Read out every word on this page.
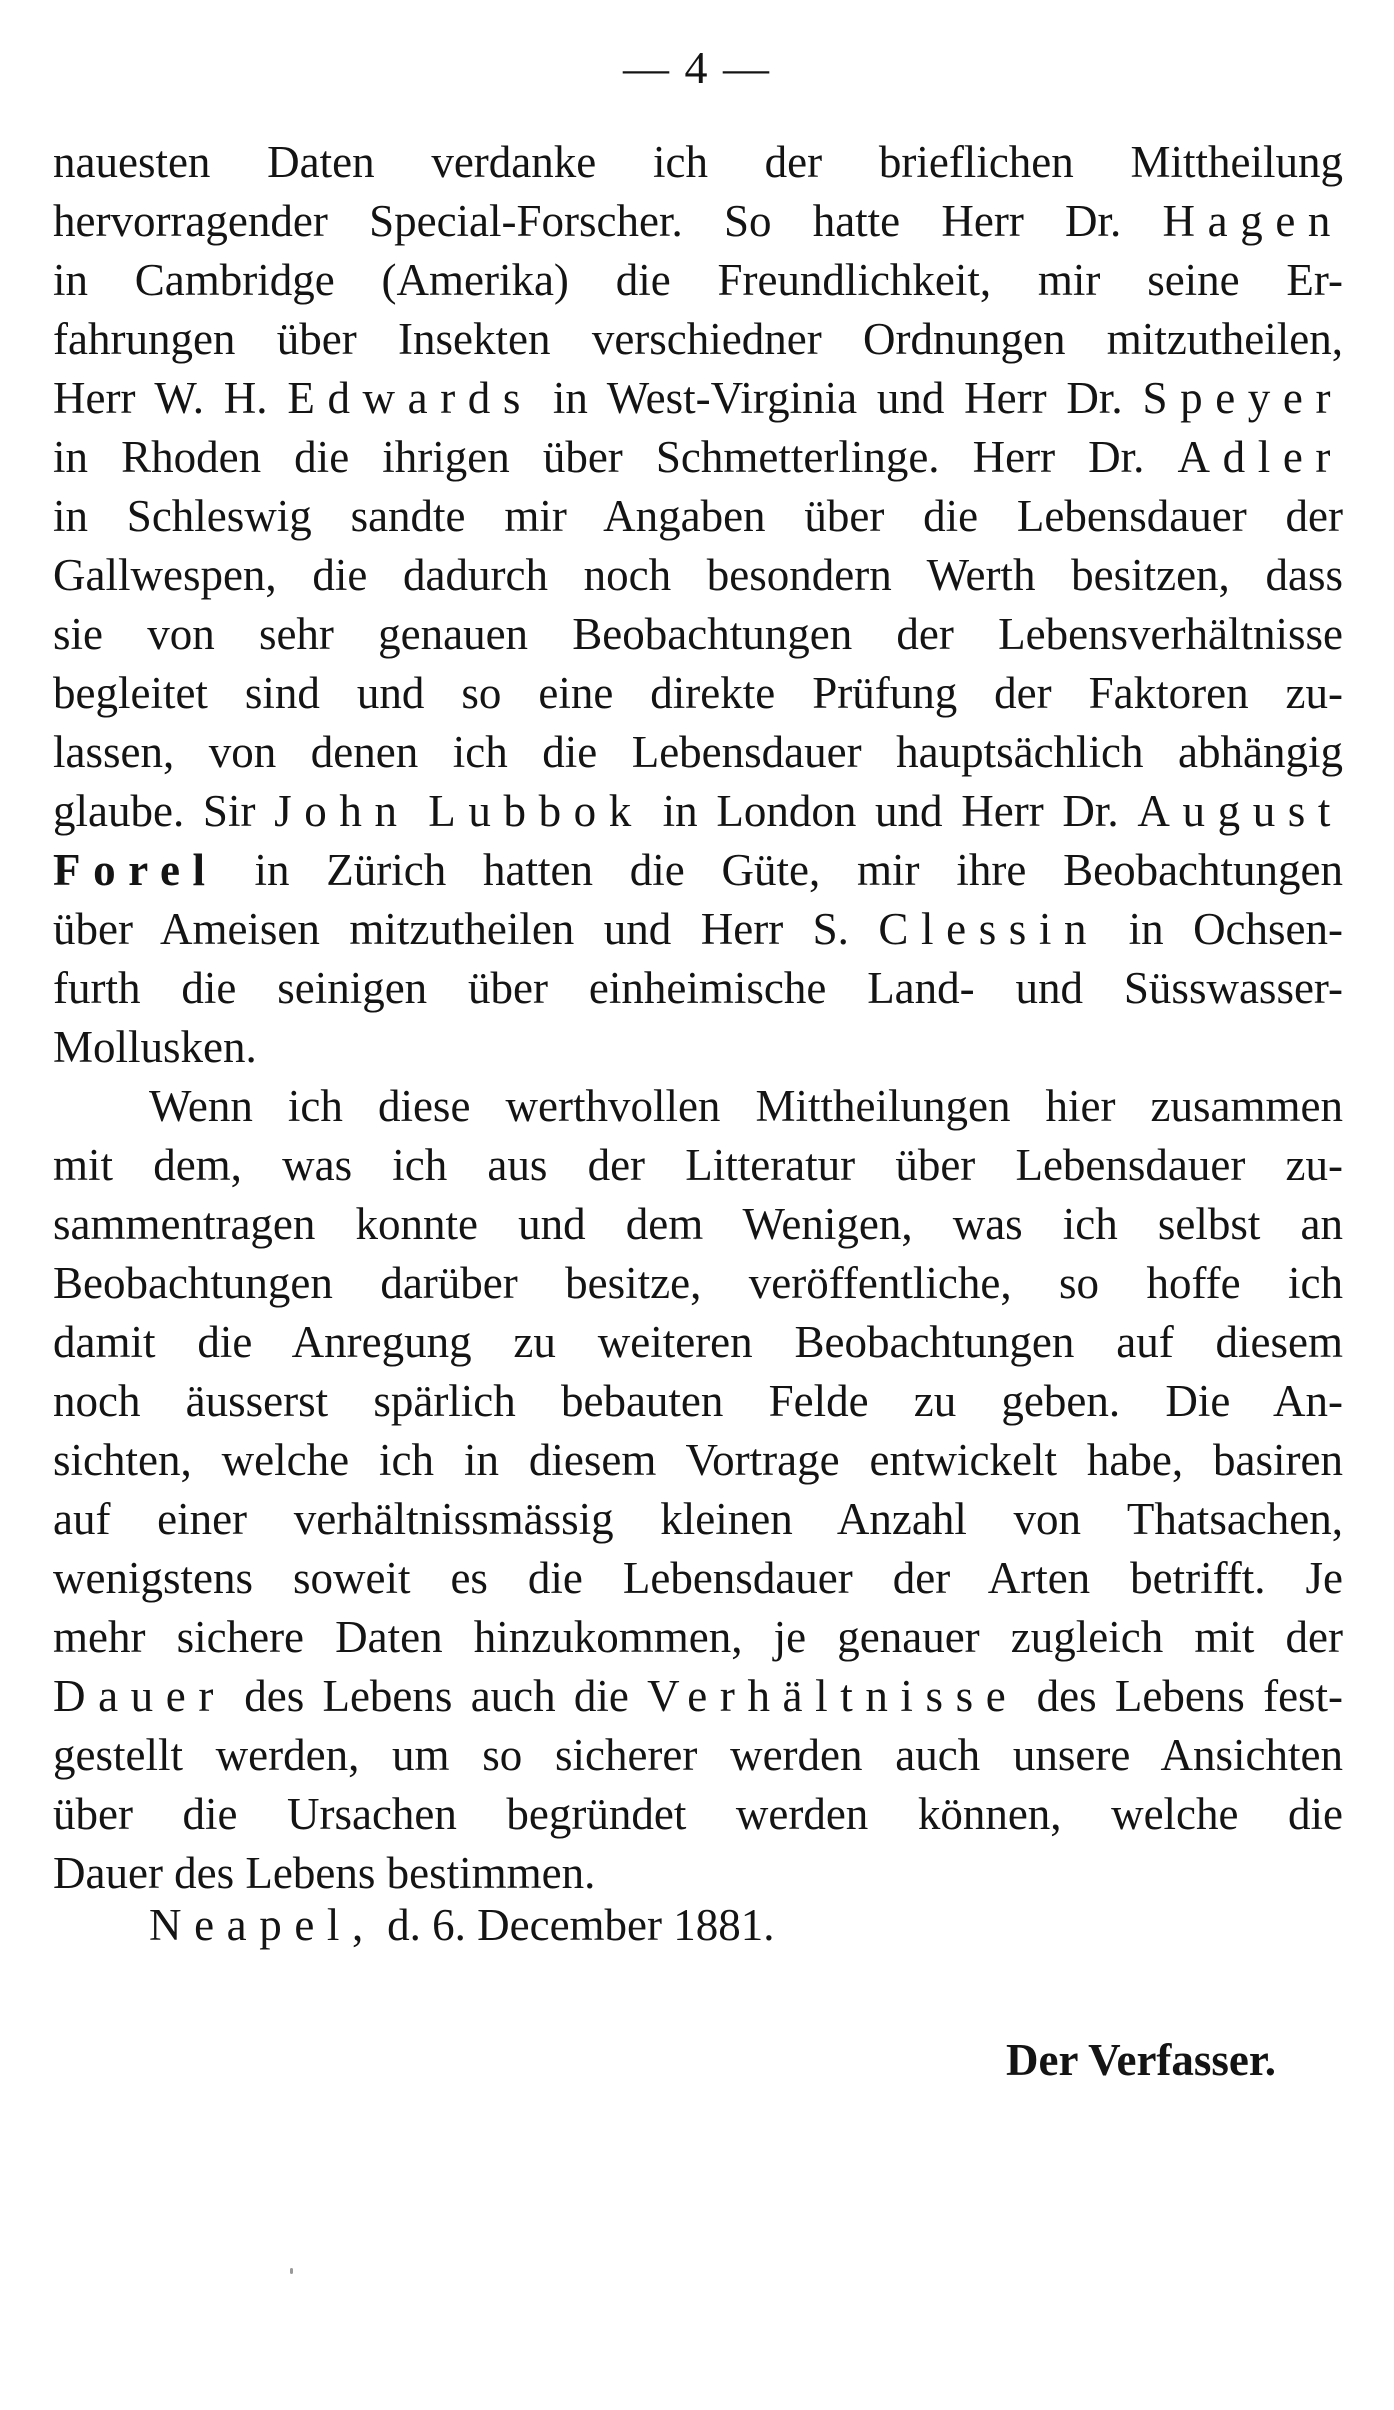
— 4 —
nauesten Daten verdanke ich der brieflichen Mittheilung
hervorragender Special-Forscher. So hatte Herr Dr. Hagen
in Cambridge (Amerika) die Freundlichkeit, mir seine Er-
fahrungen über Insekten verschiedner Ordnungen mitzutheilen,
Herr W. H. Edwards in West-Virginia und Herr Dr. Speyer
in Rhoden die ihrigen über Schmetterlinge. Herr Dr. Adler
in Schleswig sandte mir Angaben über die Lebensdauer der
Gallwespen, die dadurch noch besondern Werth besitzen, dass
sie von sehr genauen Beobachtungen der Lebensverhältnisse
begleitet sind und so eine direkte Prüfung der Faktoren zu-
lassen, von denen ich die Lebensdauer hauptsächlich abhängig
glaube. Sir John Lubbok in London und Herr Dr. August
Forel in Zürich hatten die Güte, mir ihre Beobachtungen
über Ameisen mitzutheilen und Herr S. Clessin in Ochsen-
furth die seinigen über einheimische Land- und Süsswasser-
Mollusken.
Wenn ich diese werthvollen Mittheilungen hier zusammen
mit dem, was ich aus der Litteratur über Lebensdauer zu-
sammentragen konnte und dem Wenigen, was ich selbst an
Beobachtungen darüber besitze, veröffentliche, so hoffe ich
damit die Anregung zu weiteren Beobachtungen auf diesem
noch äusserst spärlich bebauten Felde zu geben. Die An-
sichten, welche ich in diesem Vortrage entwickelt habe, basiren
auf einer verhältnissmässig kleinen Anzahl von Thatsachen,
wenigstens soweit es die Lebensdauer der Arten betrifft. Je
mehr sichere Daten hinzukommen, je genauer zugleich mit der
Dauer des Lebens auch die Verhältnisse des Lebens fest-
gestellt werden, um so sicherer werden auch unsere Ansichten
über die Ursachen begründet werden können, welche die
Dauer des Lebens bestimmen.
Neapel, d. 6. December 1881.
Der Verfasser.
